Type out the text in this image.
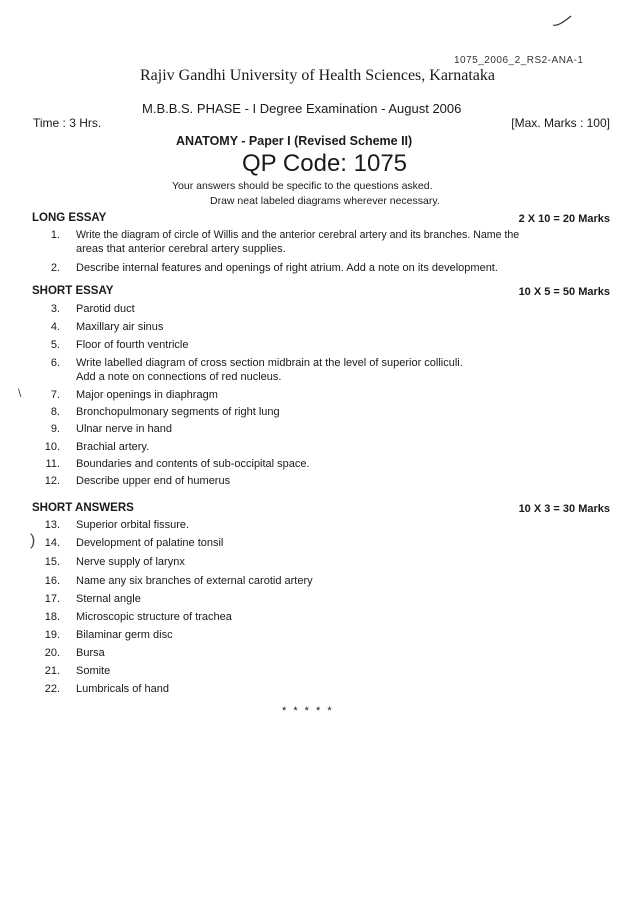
1075_2006_2_RS2-ANA-1
Rajiv Gandhi University of Health Sciences, Karnataka
M.B.B.S. PHASE - I Degree Examination - August 2006
Time : 3 Hrs.	[Max. Marks : 100]
ANATOMY - Paper I (Revised Scheme II)
QP Code: 1075
Your answers should be specific to the questions asked.
Draw neat labeled diagrams wherever necessary.
LONG ESSAY	2 X 10 = 20 Marks
1. Write the diagram of circle of Willis and the anterior cerebral artery and its branches. Name the
areas that anterior cerebral artery supplies.
2. Describe internal features and openings of right atrium. Add a note on its development.
SHORT ESSAY	10 X 5 = 50 Marks
3. Parotid duct
4. Maxillary air sinus
5. Floor of fourth ventricle
6. Write labelled diagram of cross section midbrain at the level of superior colliculi.
Add a note on connections of red nucleus.
\	7. Major openings in diaphragm
8. Bronchopulmonary segments of right lung
9. Ulnar nerve in hand
10. Brachial artery.
11. Boundaries and contents of sub-occipital space.
12. Describe upper end of humerus
SHORT ANSWERS	10 X 3 = 30 Marks
13. Superior orbital fissure.
) 14. Development of palatine tonsil
15. Nerve supply of larynx
16. Name any six branches of external carotid artery
17. Sternal angle
18. Microscopic structure of trachea
19. Bilaminar germ disc
20. Bursa
21. Somite
22. Lumbricals of hand
* * * * *
